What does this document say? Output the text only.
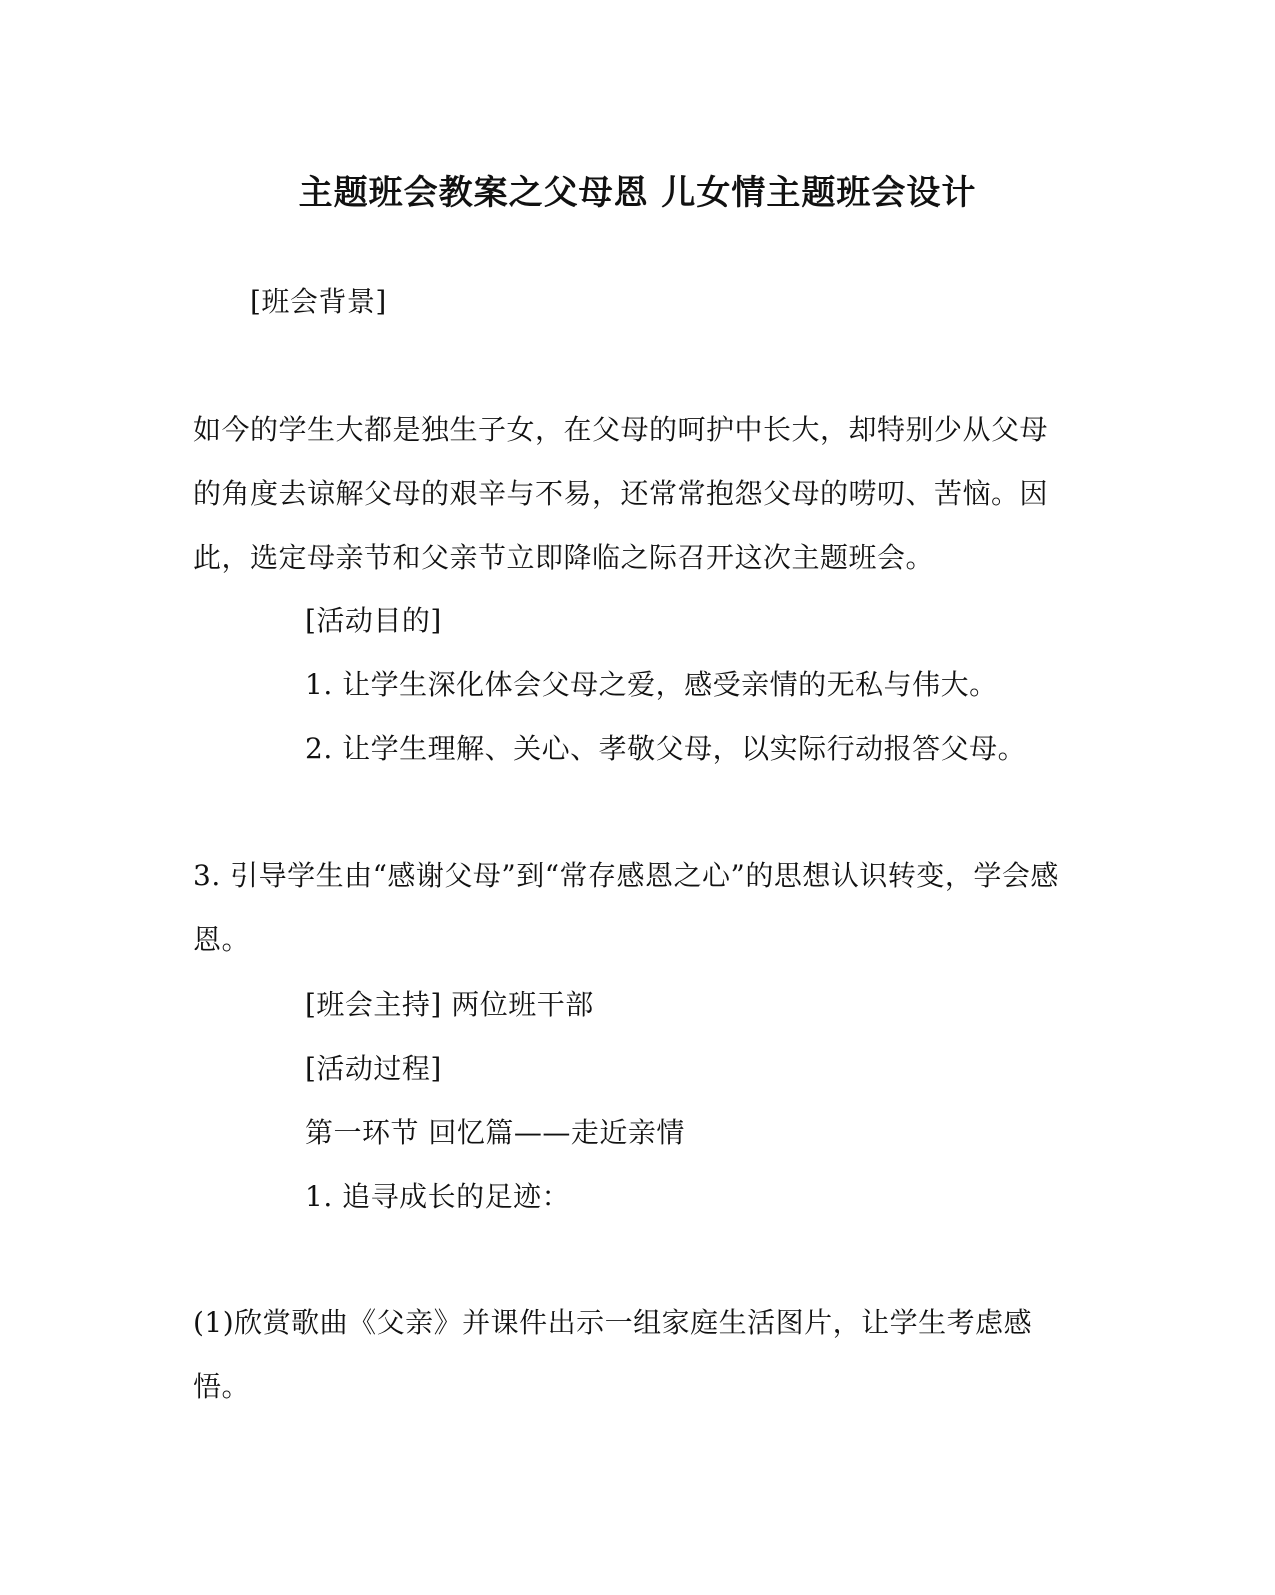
主题班会教案之父母恩 儿女情主题班会设计
[班会背景]
如今的学生大都是独生子女，在父母的呵护中长大，却特别少从父母
的角度去谅解父母的艰辛与不易，还常常抱怨父母的唠叨、苦恼。因
此，选定母亲节和父亲节立即降临之际召开这次主题班会。
[活动目的]
1. 让学生深化体会父母之爱，感受亲情的无私与伟大。
2. 让学生理解、关心、孝敬父母，以实际行动报答父母。
3. 引导学生由“感谢父母”到“常存感恩之心”的思想认识转变，学会感
恩。
[班会主持] 两位班干部
[活动过程]
第一环节 回忆篇——走近亲情
1. 追寻成长的足迹：
(1)欣赏歌曲《父亲》并课件出示一组家庭生活图片，让学生考虑感
悟。
